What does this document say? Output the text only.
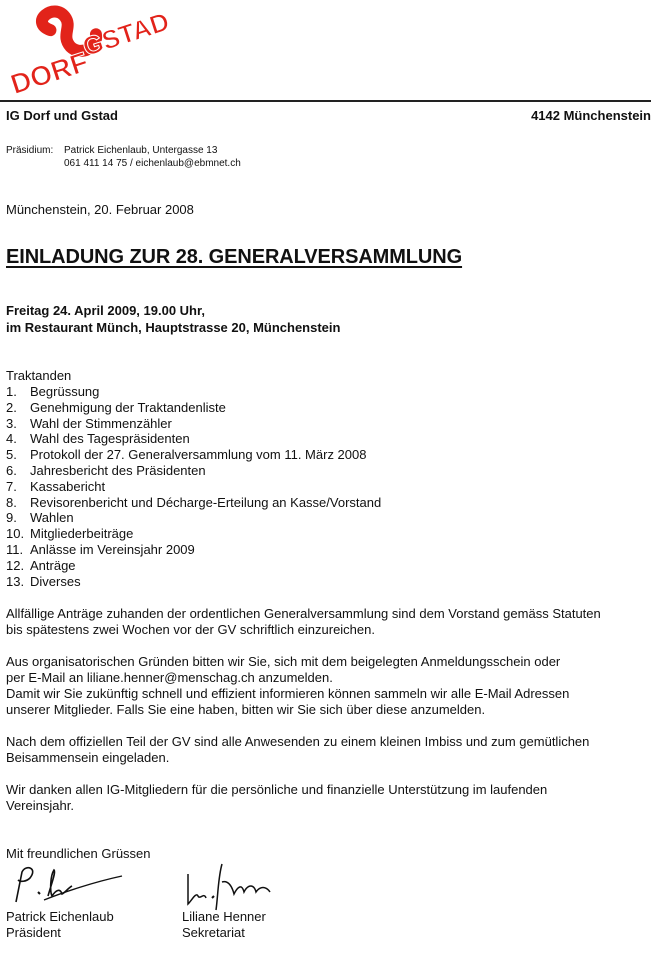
DORF
GSTAD
IG Dorf und Gstad	4142 Münchenstein
Präsidium: Patrick Eichenlaub, Untergasse 13
061 411 14 75 / eichenlaub@ebmnet.ch
Münchenstein, 20. Februar 2008
EINLADUNG ZUR 28. GENERALVERSAMMLUNG
Freitag 24. April 2009, 19.00 Uhr,
im Restaurant Münch, Hauptstrasse 20, Münchenstein
Traktanden
1. Begrüssung
2. Genehmigung der Traktandenliste
3. Wahl der Stimmenzähler
4. Wahl des Tagespräsidenten
5. Protokoll der 27. Generalversammlung vom 11. März 2008
6. Jahresbericht des Präsidenten
7. Kassabericht
8. Revisorenbericht und Décharge-Erteilung an Kasse/Vorstand
9. Wahlen
10. Mitgliederbeiträge
11. Anlässe im Vereinsjahr 2009
12. Anträge
13. Diverses

Allfällige Anträge zuhanden der ordentlichen Generalversammlung sind dem Vorstand gemäss Statuten

bis spätestens zwei Wochen vor der GV schriftlich einzureichen.

Aus organisatorischen Gründen bitten wir Sie, sich mit dem beigelegten Anmeldungsschein oder

per E-Mail an liliane.henner@menschag.ch anzumelden.

Damit wir Sie zukünftig schnell und effizient informieren können sammeln wir alle E-Mail Adressen

unserer Mitglieder. Falls Sie eine haben, bitten wir Sie sich über diese anzumelden.

Nach dem offiziellen Teil der GV sind alle Anwesenden zu einem kleinen Imbiss und zum gemütlichen

Beisammensein eingeladen.

Wir danken allen IG-Mitgliedern für die persönliche und finanzielle Unterstützung im laufenden

Vereinsjahr.

Mit freundlichen Grüssen
Patrick Eichenlaub
Präsident
Liliane Henner
Sekretariat
